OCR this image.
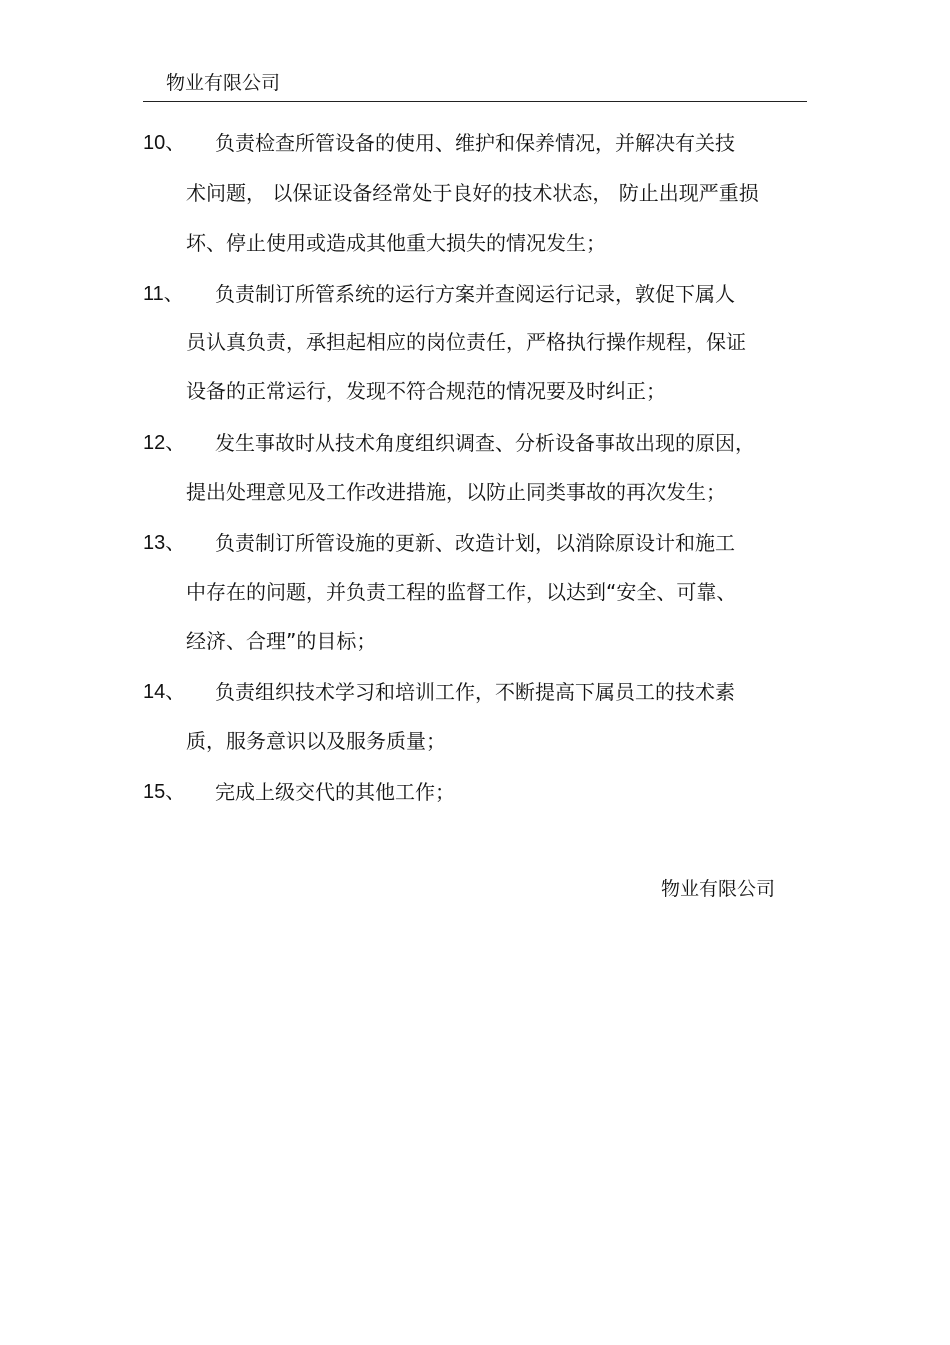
物业有限公司
10、 负责检查所管设备的使用、维护和保养情况，并解决有关技
术问题， 以保证设备经常处于良好的技术状态， 防止出现严重损
坏、停止使用或造成其他重大损失的情况发生；
11、 负责制订所管系统的运行方案并查阅运行记录，敦促下属人
员认真负责，承担起相应的岗位责任，严格执行操作规程，保证
设备的正常运行，发现不符合规范的情况要及时纠正；
12、 发生事故时从技术角度组织调查、分析设备事故出现的原因，
提出处理意见及工作改进措施，以防止同类事故的再次发生；
13、 负责制订所管设施的更新、改造计划，以消除原设计和施工
中存在的问题，并负责工程的监督工作，以达到“安全、可靠、
经济、合理”的目标；
14、 负责组织技术学习和培训工作，不断提高下属员工的技术素
质，服务意识以及服务质量；
15、 完成上级交代的其他工作；
物业有限公司
